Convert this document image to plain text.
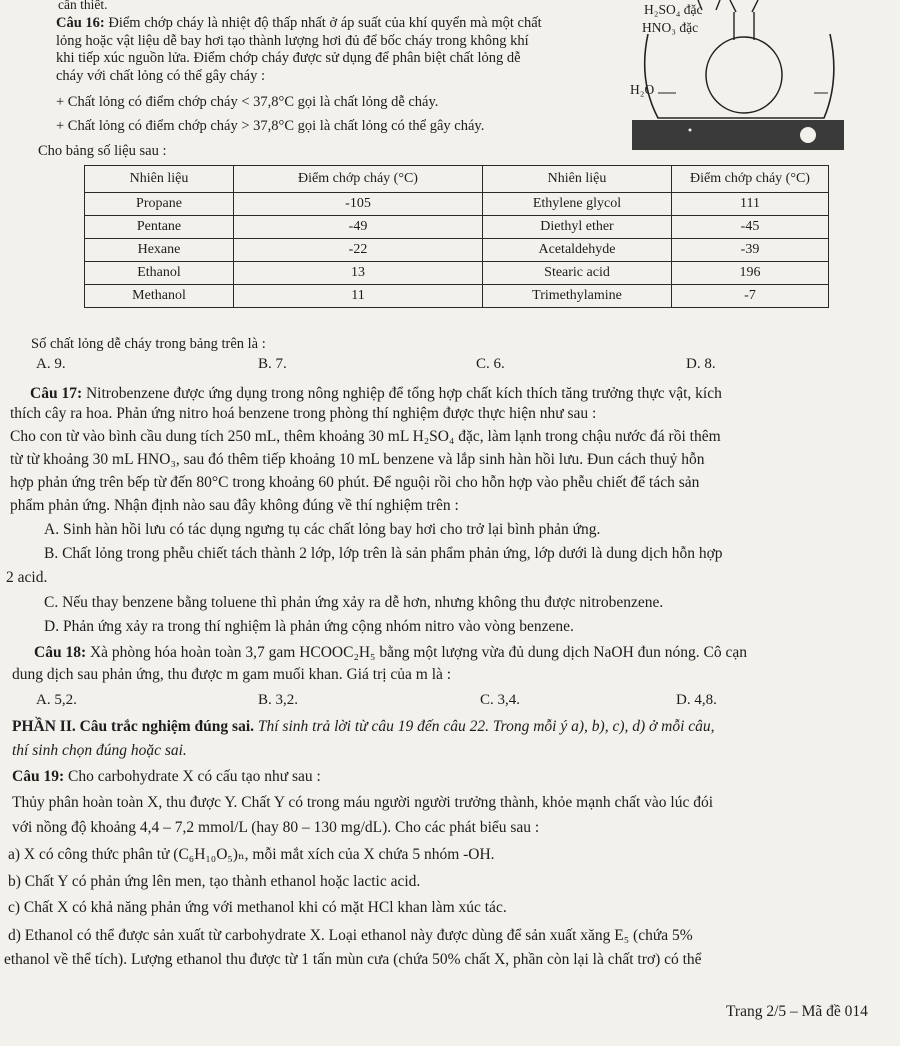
cần thiết.
Câu 16: Điểm chớp cháy là nhiệt độ thấp nhất ở áp suất của khí quyển mà một chất
lỏng hoặc vật liệu dễ bay hơi tạo thành lượng hơi đủ để bốc cháy trong không khí
khi tiếp xúc nguồn lửa. Điểm chớp cháy được sử dụng để phân biệt chất lỏng dễ
cháy với chất lỏng có thể gây cháy :
+ Chất lỏng có điểm chớp cháy < 37,8°C gọi là chất lỏng dễ cháy.
+ Chất lỏng có điểm chớp cháy > 37,8°C gọi là chất lỏng có thể gây cháy.
Cho bảng số liệu sau :
H₂SO₄ đặc
HNO₃ đặc
H₂O
Nhiên liệu	Điểm chớp cháy (°C)	Nhiên liệu	Điểm chớp cháy (°C)
Propane	-105	Ethylene glycol	111
Pentane	-49	Diethyl ether	-45
Hexane	-22	Acetaldehyde	-39
Ethanol	13	Stearic acid	196
Methanol	11	Trimethylamine	-7
Số chất lỏng dễ cháy trong bảng trên là :
A. 9.	B. 7.	C. 6.	D. 8.
Câu 17: Nitrobenzene được ứng dụng trong nông nghiệp để tổng hợp chất kích thích tăng trưởng thực vật, kích
thích cây ra hoa. Phản ứng nitro hoá benzene trong phòng thí nghiệm được thực hiện như sau :
Cho con từ vào bình cầu dung tích 250 mL, thêm khoảng 30 mL H₂SO₄ đặc, làm lạnh trong chậu nước đá rồi thêm
từ từ khoảng 30 mL HNO₃, sau đó thêm tiếp khoảng 10 mL benzene và lắp sinh hàn hồi lưu. Đun cách thuỷ hỗn
hợp phản ứng trên bếp từ đến 80°C trong khoảng 60 phút. Để nguội rồi cho hỗn hợp vào phễu chiết để tách sản
phẩm phản ứng. Nhận định nào sau đây không đúng về thí nghiệm trên :
A. Sinh hàn hồi lưu có tác dụng ngưng tụ các chất lỏng bay hơi cho trở lại bình phản ứng.
B. Chất lỏng trong phễu chiết tách thành 2 lớp, lớp trên là sản phẩm phản ứng, lớp dưới là dung dịch hỗn hợp
2 acid.
C. Nếu thay benzene bằng toluene thì phản ứng xảy ra dễ hơn, nhưng không thu được nitrobenzene.
D. Phản ứng xảy ra trong thí nghiệm là phản ứng cộng nhóm nitro vào vòng benzene.
Câu 18: Xà phòng hóa hoàn toàn 3,7 gam HCOOC₂H₅ bằng một lượng vừa đủ dung dịch NaOH đun nóng. Cô cạn
dung dịch sau phản ứng, thu được m gam muối khan. Giá trị của m là :
A. 5,2.	B. 3,2.	C. 3,4.	D. 4,8.
PHẦN II. Câu trắc nghiệm đúng sai. Thí sinh trả lời từ câu 19 đến câu 22. Trong mỗi ý a), b), c), d) ở mỗi câu,
thí sinh chọn đúng hoặc sai.
Câu 19: Cho carbohydrate X có cấu tạo như sau :
Thủy phân hoàn toàn X, thu được Y. Chất Y có trong máu người người trưởng thành, khỏe mạnh chất vào lúc đói
với nồng độ khoảng 4,4 – 7,2 mmol/L (hay 80 – 130 mg/dL). Cho các phát biểu sau :
a) X có công thức phân tử (C₆H₁₀O₅)ₙ, mỗi mắt xích của X chứa 5 nhóm -OH.
b) Chất Y có phản ứng lên men, tạo thành ethanol hoặc lactic acid.
c) Chất X có khả năng phản ứng với methanol khi có mặt HCl khan làm xúc tác.
d) Ethanol có thể được sản xuất từ carbohydrate X. Loại ethanol này được dùng để sản xuất xăng E₅ (chứa 5%
ethanol về thể tích). Lượng ethanol thu được từ 1 tấn mùn cưa (chứa 50% chất X, phần còn lại là chất trơ) có thể
Trang 2/5 – Mã đề 014
